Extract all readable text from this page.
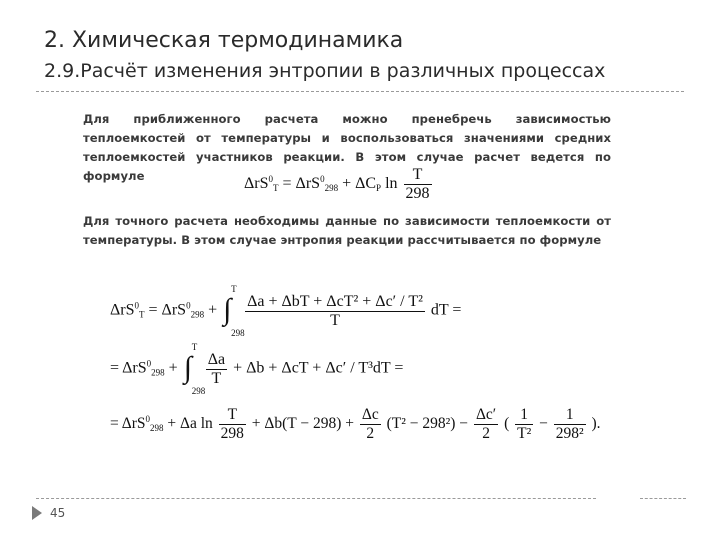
2. Химическая термодинамика
2.9.Расчёт изменения энтропии в различных процессах
Для приближенного расчета можно пренебречь зависимостью теплоемкостей от температуры и воспользоваться значениями средних теплоемкостей участников реакции. В этом случае расчет ведется по формуле	$\Delta rS^0_T = \Delta rS^0_{298} + \Delta C_P$ $\ln \frac{T}{298}$
Для точного расчета необходимы данные по зависимости теплоемкости от температуры. В этом случае энтропия реакции рассчитывается по формуле
ΔrS$^0_T$ = ΔrS$^0_{298}$ + ∫
T
298

$\frac{\text{Δa + ΔbT + ΔcT² + Δc′ / T²}}{T}$ dT =
= ΔrS$^0_{298}$ + ∫
T
298

$\frac{\Delta a}{T} + \Delta b + \Delta cT + \Delta c' / T^3dT$ =
= ΔrS$^0_{298}$ + Δa $\ln \frac{T}{298} + \Delta b(T - 298) + \frac{\Delta c}{2} (T^2 - 298^2) - \frac{\Delta c'}{2}$ ( $\frac{1}{\text{T²}} - \frac{1}{\text{298²}}$ ).
45
